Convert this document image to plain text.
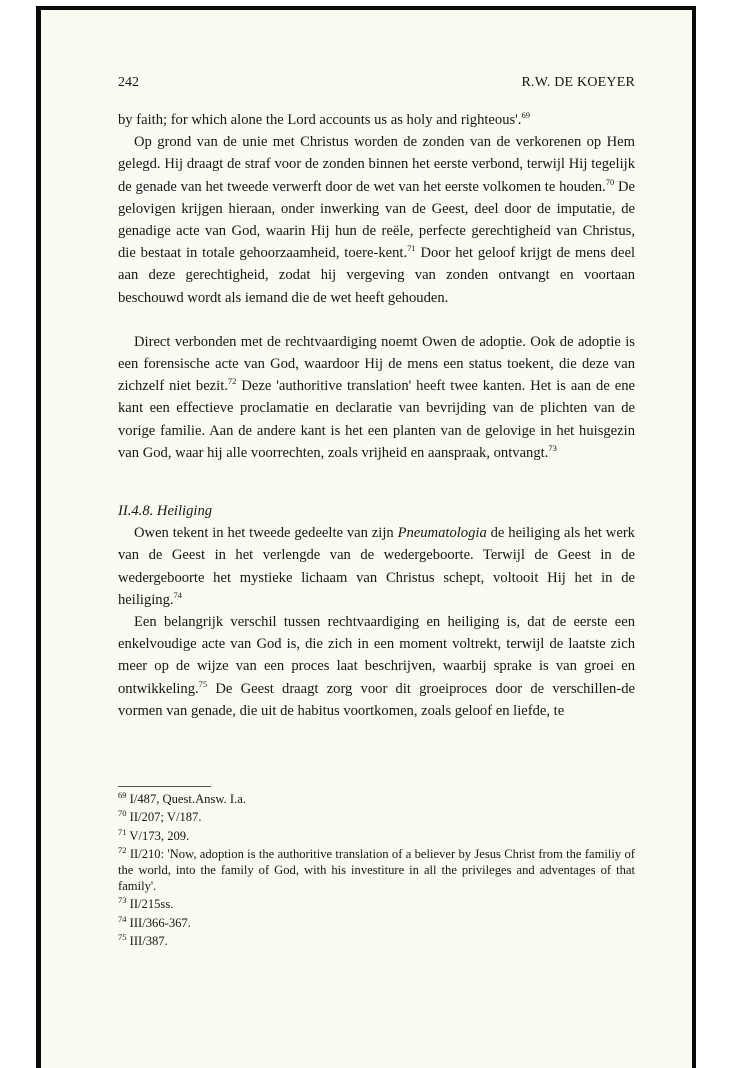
242	R.W. DE KOEYER

by faith; for which alone the Lord accounts us as holy and righteous'.$^{69}$

Op grond van de unie met Christus worden de zonden van de verkorenen op Hem gelegd. Hij draagt de straf voor de zonden binnen het eerste verbond, terwijl Hij tegelijk de genade van het tweede verwerft door de wet van het eerste volkomen te houden.$^{70}$ De gelovigen krijgen hieraan, onder inwerking van de Geest, deel door de imputatie, de genadige acte van God, waarin Hij hun de reële, perfecte gerechtigheid van Christus, die bestaat in totale gehoorzaamheid, toere-kent.$^{71}$ Door het geloof krijgt de mens deel aan deze gerechtigheid, zodat hij vergeving van zonden ontvangt en voortaan beschouwd wordt als iemand die de wet heeft gehouden.

Direct verbonden met de rechtvaardiging noemt Owen de adoptie. Ook de adoptie is een forensische acte van God, waardoor Hij de mens een status toekent, die deze van zichzelf niet bezit.$^{72}$ Deze 'authoritive translation' heeft twee kanten. Het is aan de ene kant een effectieve proclamatie en declaratie van bevrijding van de plichten van de vorige familie. Aan de andere kant is het een planten van de gelovige in het huisgezin van God, waar hij alle voorrechten, zoals vrijheid en aanspraak, ontvangt.$^{73}$

II.4.8. Heiliging

Owen tekent in het tweede gedeelte van zijn Pneumatologia de heiliging als het werk van de Geest in het verlengde van de wedergeboorte. Terwijl de Geest in de wedergeboorte het mystieke lichaam van Christus schept, voltooit Hij het in de heiliging.$^{74}$

Een belangrijk verschil tussen rechtvaardiging en heiliging is, dat de eerste een enkelvoudige acte van God is, die zich in een moment voltrekt, terwijl de laatste zich meer op de wijze van een proces laat beschrijven, waarbij sprake is van groei en ontwikkeling.$^{75}$ De Geest draagt zorg voor dit groeiproces door de verschillen-de vormen van genade, die uit de habitus voortkomen, zoals geloof en liefde, te

$^{69}$ I/487, Quest.Answ. I.a.

$^{70}$ II/207; V/187.

$^{71}$ V/173, 209.

$^{72}$ II/210: 'Now, adoption is the authoritive translation of a believer by Jesus Christ from the familiy of the world, into the family of God, with his investiture in all the privileges and adventages of that family'.

$^{73}$ II/215ss.

$^{74}$ III/366-367.

$^{75}$ III/387.
